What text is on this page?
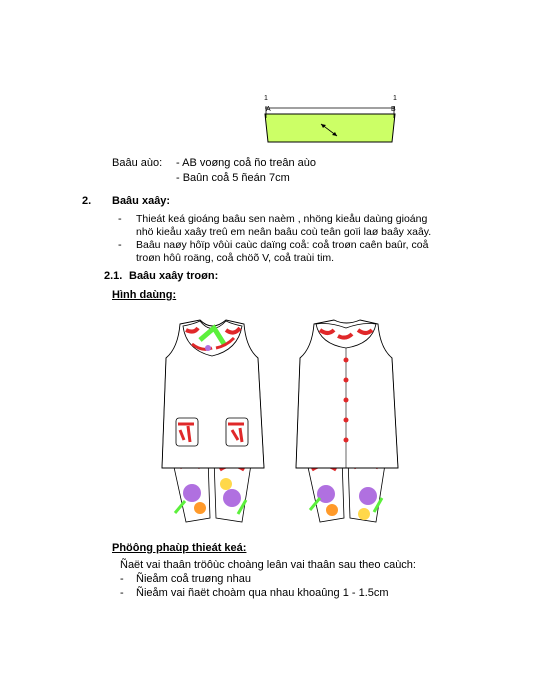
1
A
1
B
Baâu aùo: - AB voøng coå ño treân aùo
- Baûn coå 5 ñeán 7cm
2. Baâu xaây:
- Thieát keá gioáng baâu sen naèm , nhöng kieåu daùng gioáng
nhö kieåu xaây treû em neân baâu coù teân goïi laø baây xaây.
- Baâu naøy hôïp vôùi caùc daïng coå: coå troøn caên baûr, coå
troøn hôû roäng, coå chöõ V, coå traùi tim.
2.1. Baâu xaây troøn:
Hình daùng:
Phöông phaùp thieát keá:
Ñaët vai thaân tröôùc choàng leân vai thaân sau theo caùch:
- Ñieåm coå truøng nhau
- Ñieåm vai ñaët choàm qua nhau khoaûng 1 - 1.5cm
